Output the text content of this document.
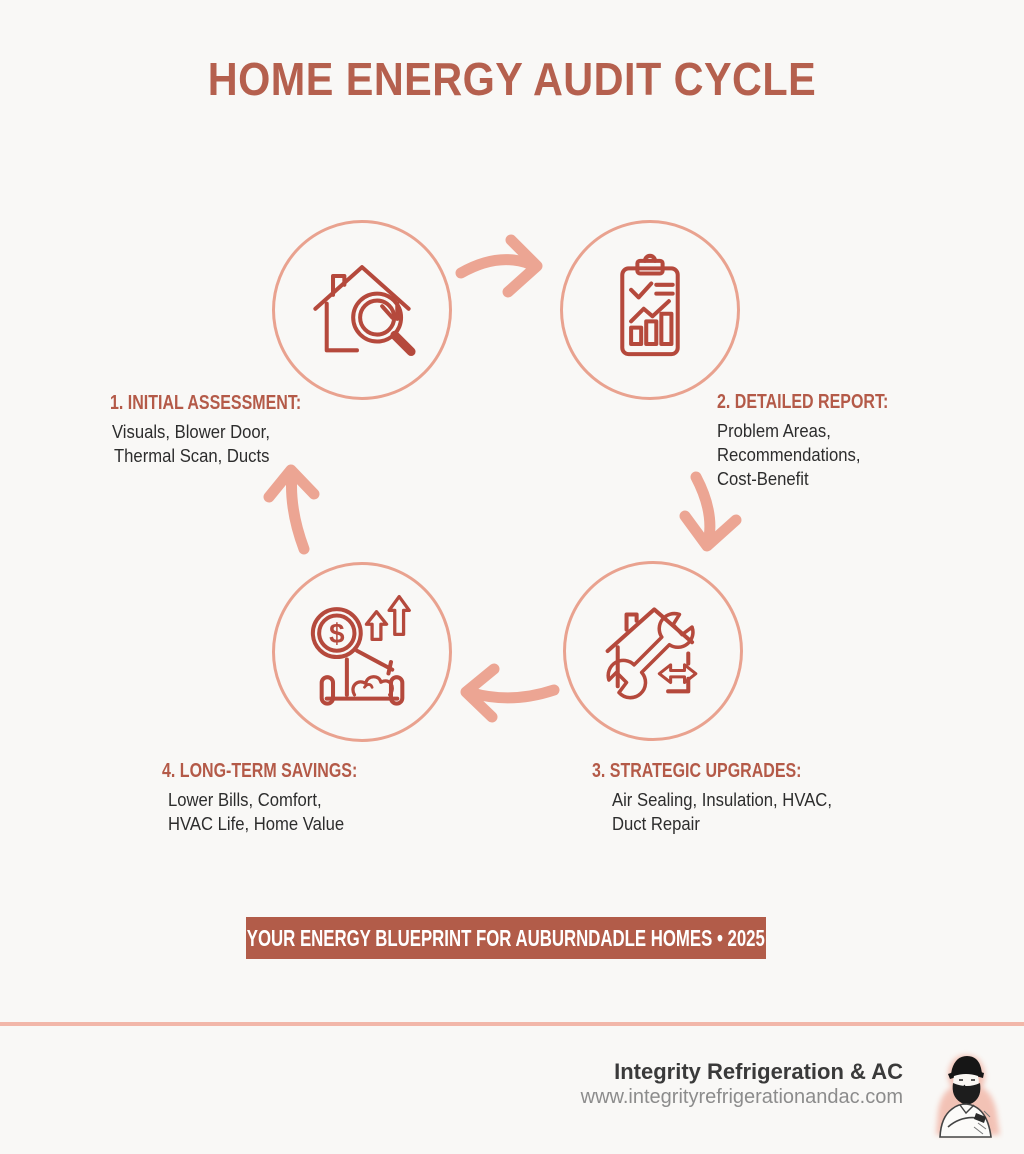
HOME ENERGY AUDIT CYCLE
$
1. INITIAL ASSESSMENT:
Visuals, Blower Door,
Thermal Scan, Ducts
2. DETAILED REPORT:
Problem Areas,
Recommendations,
Cost-Benefit
3. STRATEGIC UPGRADES:
Air Sealing, Insulation, HVAC,
Duct Repair
4. LONG-TERM SAVINGS:
Lower Bills, Comfort,
HVAC Life, Home Value
YOUR ENERGY BLUEPRINT FOR AUBURNDADLE HOMES • 2025
Integrity Refrigeration & AC
www.integrityrefrigerationandac.com
